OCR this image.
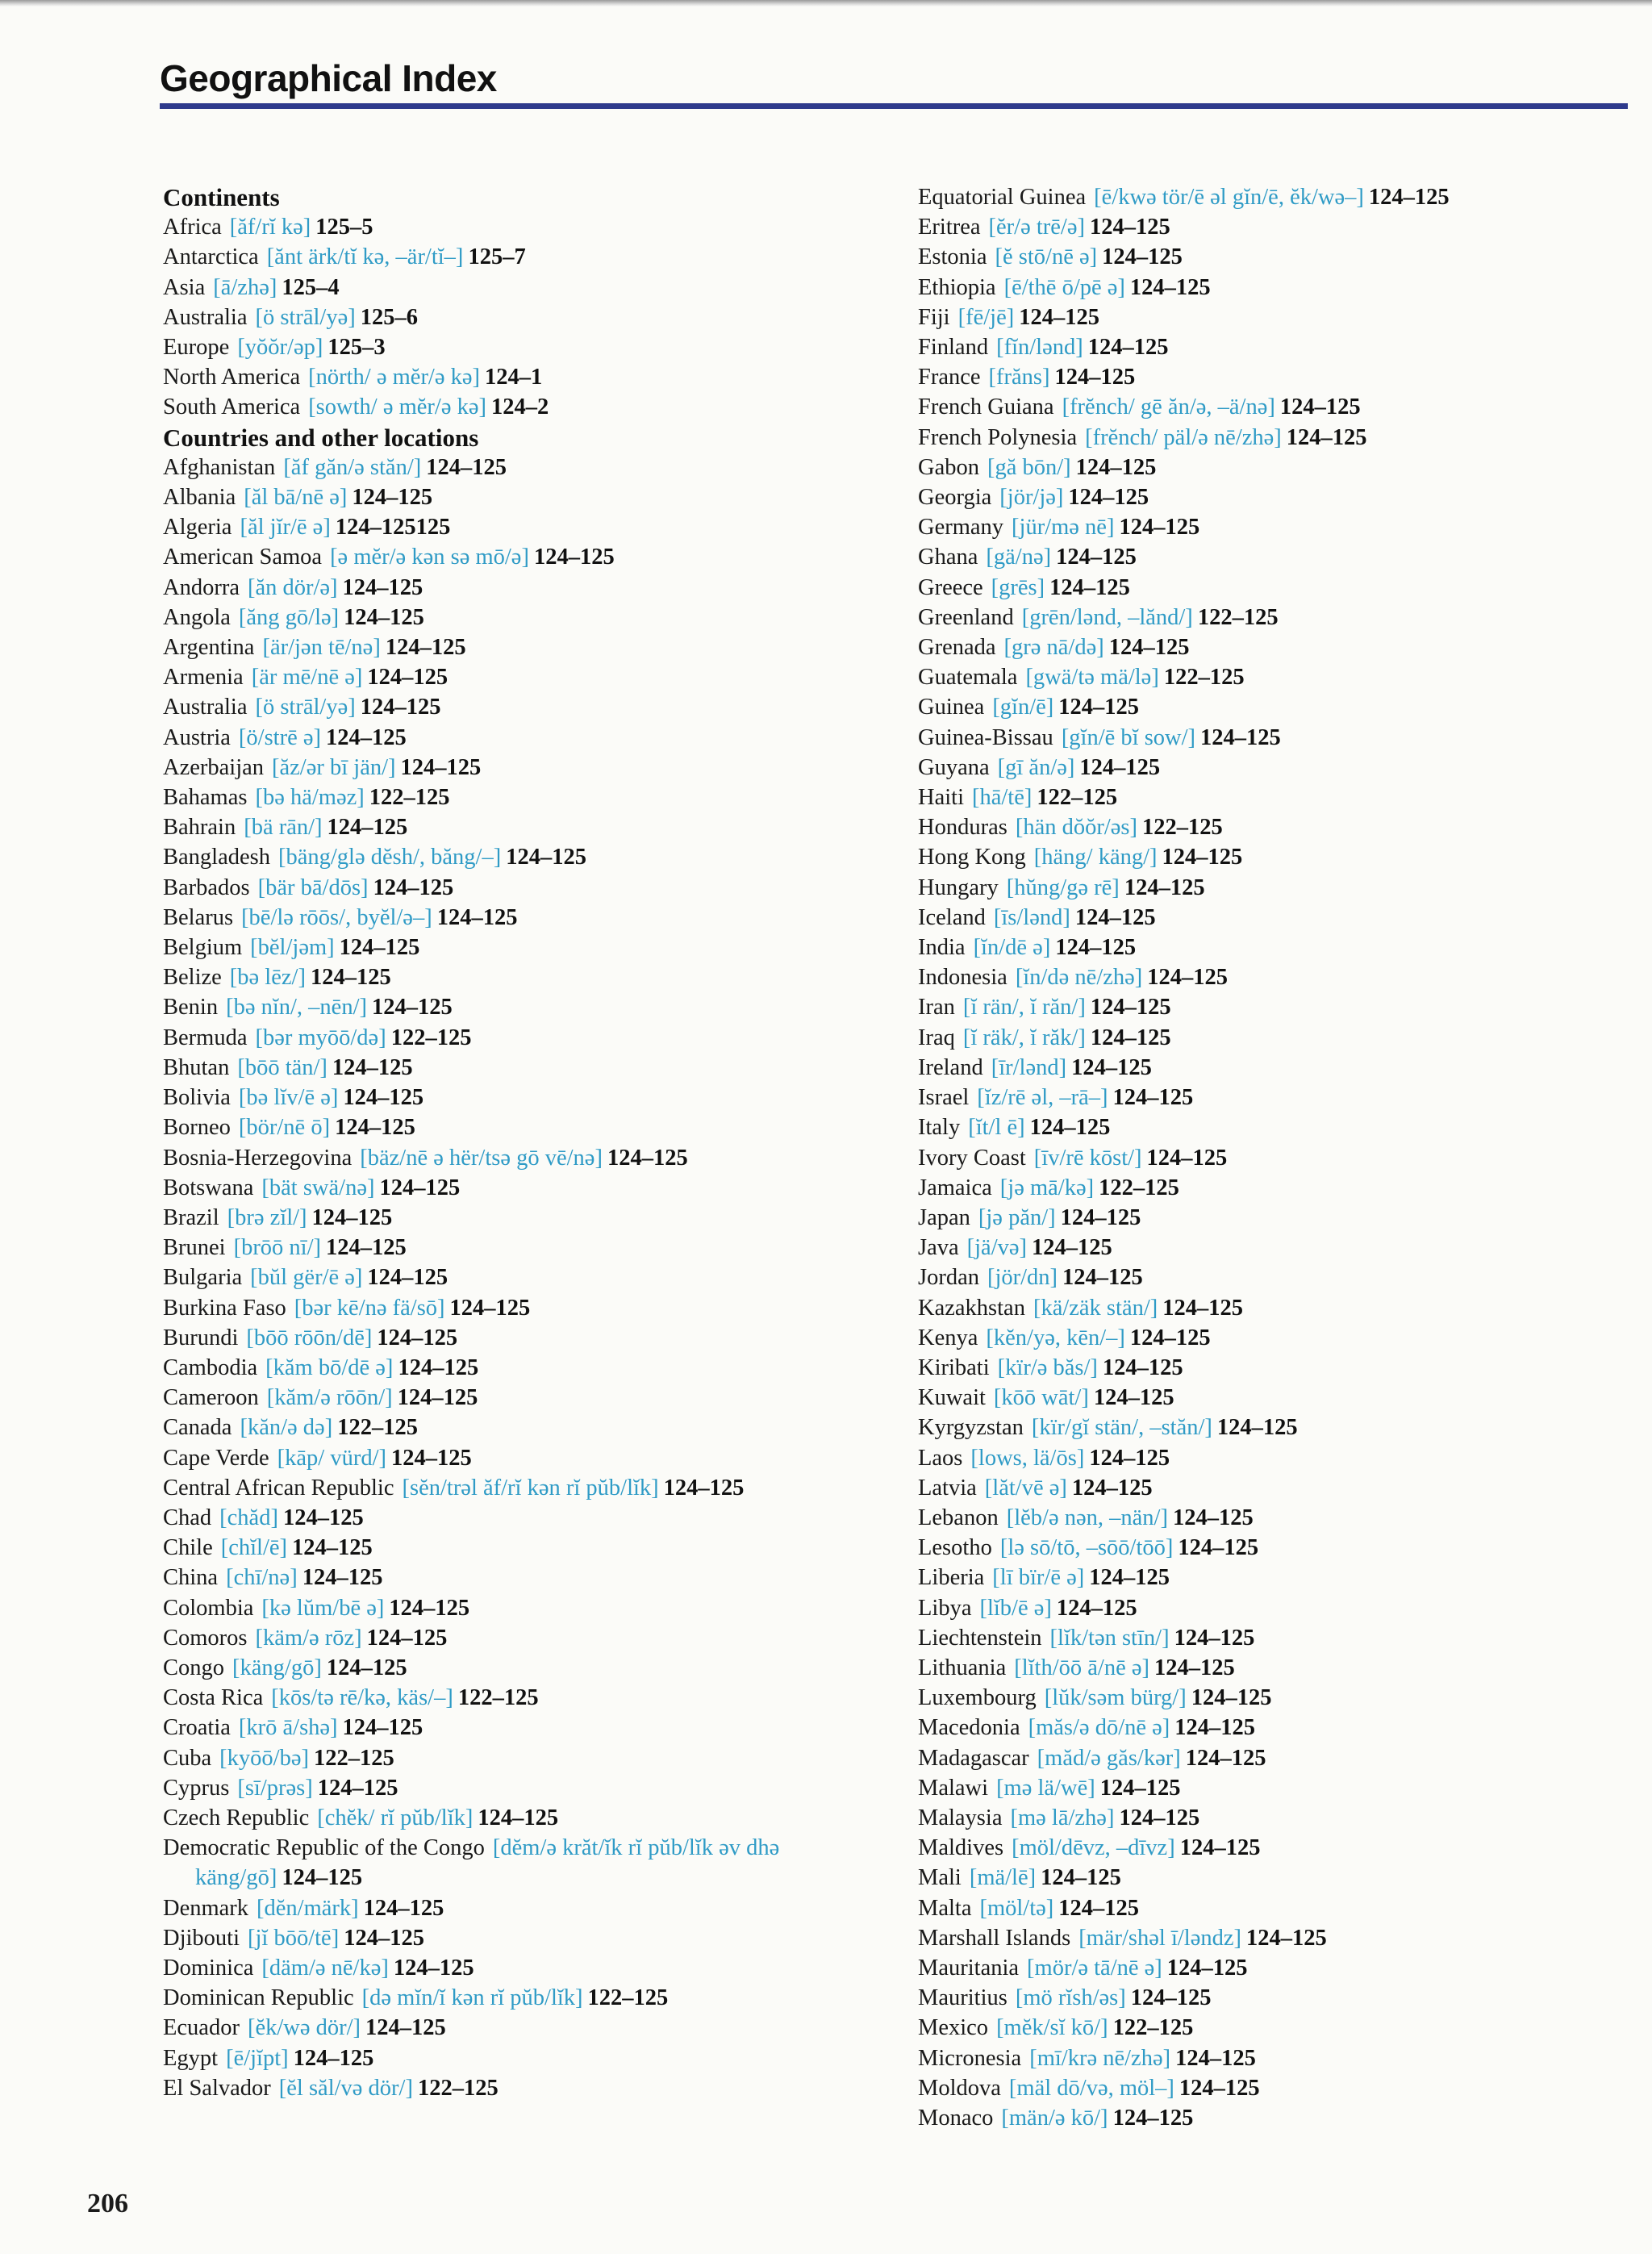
Geographical Index
Continents
Africa [ăf/rĭ kə] 125–5
Antarctica [ănt ärk/tĭ kə, –är/tĭ–] 125–7
Asia [ā/zhə] 125–4
Australia [ö strāl/yə] 125–6
Europe [yŏŏr/əp] 125–3
North America [nörth/ ə mĕr/ə kə] 124–1
South America [sowth/ ə mĕr/ə kə] 124–2
Countries and other locations
Afghanistan [ăf găn/ə stăn/] 124–125
Albania [ăl bā/nē ə] 124–125
Algeria [ăl jĭr/ē ə] 124–125125
American Samoa [ə mĕr/ə kən sə mō/ə] 124–125
Andorra [ăn dör/ə] 124–125
Angola [ăng gō/lə] 124–125
Argentina [är/jən tē/nə] 124–125
Armenia [är mē/nē ə] 124–125
Australia [ö strāl/yə] 124–125
Austria [ö/strē ə] 124–125
Azerbaijan [ăz/ər bī jän/] 124–125
Bahamas [bə hä/məz] 122–125
Bahrain [bä rān/] 124–125
Bangladesh [bäng/glə dĕsh/, băng/–] 124–125
Barbados [bär bā/dōs] 124–125
Belarus [bē/lə rōōs/, byĕl/ə–] 124–125
Belgium [bĕl/jəm] 124–125
Belize [bə lēz/] 124–125
Benin [bə nĭn/, –nēn/] 124–125
Bermuda [bər myōō/də] 122–125
Bhutan [bōō tän/] 124–125
Bolivia [bə lĭv/ē ə] 124–125
Borneo [bör/nē ō] 124–125
Bosnia-Herzegovina [bäz/nē ə hër/tsə gō vē/nə] 124–125
Botswana [bät swä/nə] 124–125
Brazil [brə zĭl/] 124–125
Brunei [brōō nī/] 124–125
Bulgaria [bŭl gër/ē ə] 124–125
Burkina Faso [bər kē/nə fä/sō] 124–125
Burundi [bōō rōōn/dē] 124–125
Cambodia [kăm bō/dē ə] 124–125
Cameroon [kăm/ə rōōn/] 124–125
Canada [kăn/ə də] 122–125
Cape Verde [kāp/ vürd/] 124–125
Central African Republic [sĕn/trəl ăf/rĭ kən rĭ pŭb/lĭk] 124–125
Chad [chăd] 124–125
Chile [chĭl/ē] 124–125
China [chī/nə] 124–125
Colombia [kə lŭm/bē ə] 124–125
Comoros [käm/ə rōz] 124–125
Congo [käng/gō] 124–125
Costa Rica [kōs/tə rē/kə, käs/–] 122–125
Croatia [krō ā/shə] 124–125
Cuba [kyōō/bə] 122–125
Cyprus [sī/prəs] 124–125
Czech Republic [chĕk/ rĭ pŭb/lĭk] 124–125
Democratic Republic of the Congo [dĕm/ə krăt/ĭk rĭ pŭb/lĭk əv dhə käng/gō] 124–125
Denmark [dĕn/märk] 124–125
Djibouti [jĭ bōō/tē] 124–125
Dominica [däm/ə nē/kə] 124–125
Dominican Republic [də mĭn/ĭ kən rĭ pŭb/lĭk] 122–125
Ecuador [ĕk/wə dör/] 124–125
Egypt [ē/jĭpt] 124–125
El Salvador [ĕl săl/və dör/] 122–125
Equatorial Guinea [ē/kwə tör/ē əl gĭn/ē, ĕk/wə–] 124–125
Eritrea [ĕr/ə trē/ə] 124–125
Estonia [ĕ stō/nē ə] 124–125
Ethiopia [ē/thē ō/pē ə] 124–125
Fiji [fē/jē] 124–125
Finland [fĭn/lənd] 124–125
France [frăns] 124–125
French Guiana [frĕnch/ gē ăn/ə, –ä/nə] 124–125
French Polynesia [frĕnch/ päl/ə nē/zhə] 124–125
Gabon [gă bōn/] 124–125
Georgia [jör/jə] 124–125
Germany [jür/mə nē] 124–125
Ghana [gä/nə] 124–125
Greece [grēs] 124–125
Greenland [grēn/lənd, –lănd/] 122–125
Grenada [grə nā/də] 124–125
Guatemala [gwä/tə mä/lə] 122–125
Guinea [gĭn/ē] 124–125
Guinea-Bissau [gĭn/ē bĭ sow/] 124–125
Guyana [gī ăn/ə] 124–125
Haiti [hā/tē] 122–125
Honduras [hän dŏŏr/əs] 122–125
Hong Kong [häng/ käng/] 124–125
Hungary [hŭng/gə rē] 124–125
Iceland [īs/lənd] 124–125
India [ĭn/dē ə] 124–125
Indonesia [ĭn/də nē/zhə] 124–125
Iran [ĭ rän/, ĭ răn/] 124–125
Iraq [ĭ räk/, ĭ răk/] 124–125
Ireland [īr/lənd] 124–125
Israel [ĭz/rē əl, –rā–] 124–125
Italy [ĭt/l ē] 124–125
Ivory Coast [īv/rē kōst/] 124–125
Jamaica [jə mā/kə] 122–125
Japan [jə păn/] 124–125
Java [jä/və] 124–125
Jordan [jör/dn] 124–125
Kazakhstan [kä/zäk stän/] 124–125
Kenya [kĕn/yə, kēn/–] 124–125
Kiribati [kïr/ə băs/] 124–125
Kuwait [kōō wāt/] 124–125
Kyrgyzstan [kïr/gĭ stän/, –stăn/] 124–125
Laos [lows, lä/ōs] 124–125
Latvia [lăt/vē ə] 124–125
Lebanon [lĕb/ə nən, –nän/] 124–125
Lesotho [lə sō/tō, –sōō/tōō] 124–125
Liberia [lī bïr/ē ə] 124–125
Libya [lĭb/ē ə] 124–125
Liechtenstein [lĭk/tən stīn/] 124–125
Lithuania [lĭth/ōō ā/nē ə] 124–125
Luxembourg [lŭk/səm bürg/] 124–125
Macedonia [măs/ə dō/nē ə] 124–125
Madagascar [măd/ə găs/kər] 124–125
Malawi [mə lä/wē] 124–125
Malaysia [mə lā/zhə] 124–125
Maldives [möl/dēvz, –dīvz] 124–125
Mali [mä/lē] 124–125
Malta [möl/tə] 124–125
Marshall Islands [mär/shəl ī/ləndz] 124–125
Mauritania [mör/ə tā/nē ə] 124–125
Mauritius [mö rĭsh/əs] 124–125
Mexico [mĕk/sĭ kō/] 122–125
Micronesia [mī/krə nē/zhə] 124–125
Moldova [mäl dō/və, möl–] 124–125
Monaco [män/ə kō/] 124–125
206
